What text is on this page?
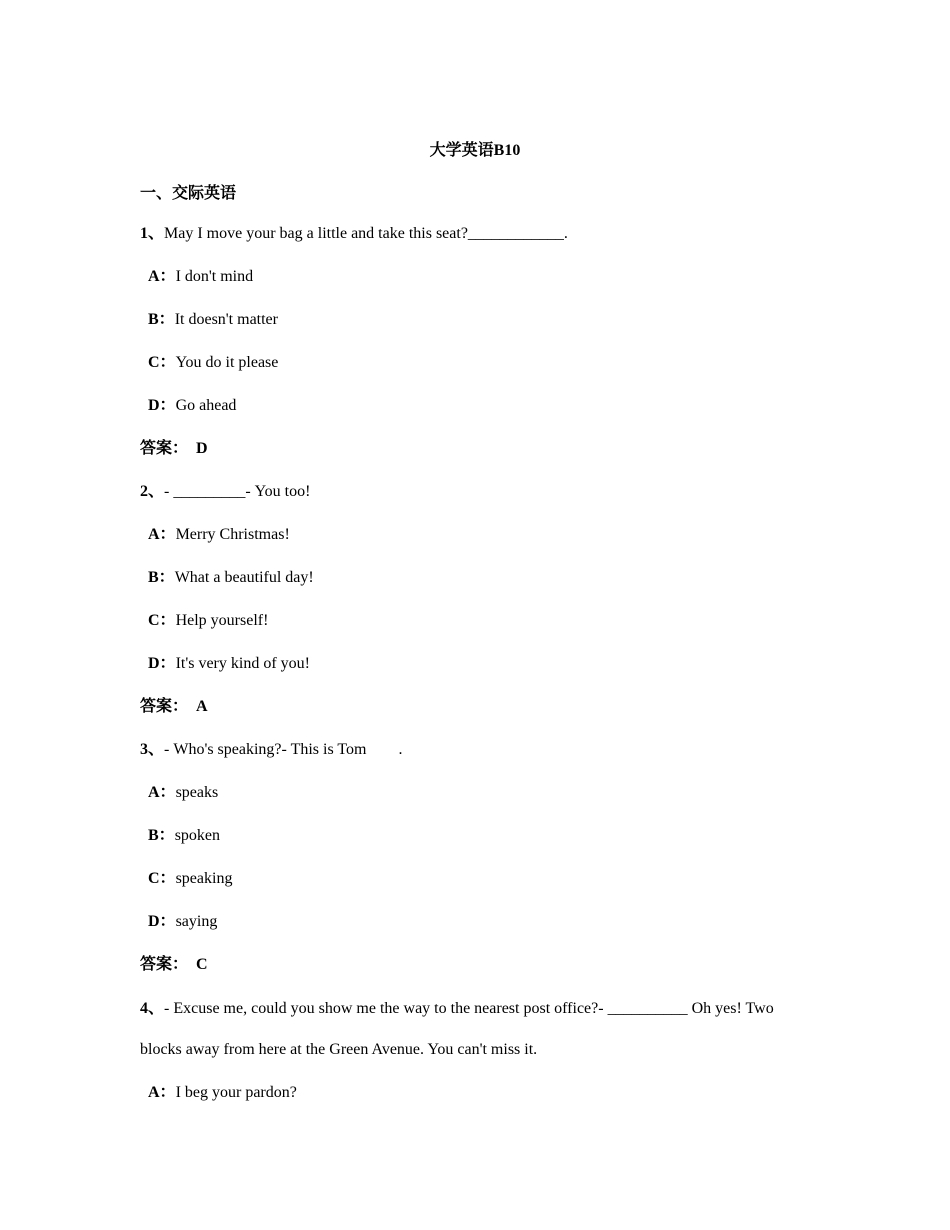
大学英语B10
一、交际英语
1、May I move your bag a little and take this seat?____________.
A：I don't mind
B：It doesn't matter
C：You do it please
D：Go ahead
答案： D
2、- _________- You too!
A：Merry Christmas!
B：What a beautiful day!
C：Help yourself!
D：It's very kind of you!
答案： A
3、- Who's speaking?- This is Tom        .
A：speaks
B：spoken
C：speaking
D：saying
答案： C
4、- Excuse me, could you show me the way to the nearest post office?- __________ Oh yes! Two blocks away from here at the Green Avenue. You can't miss it.
A：I beg your pardon?
